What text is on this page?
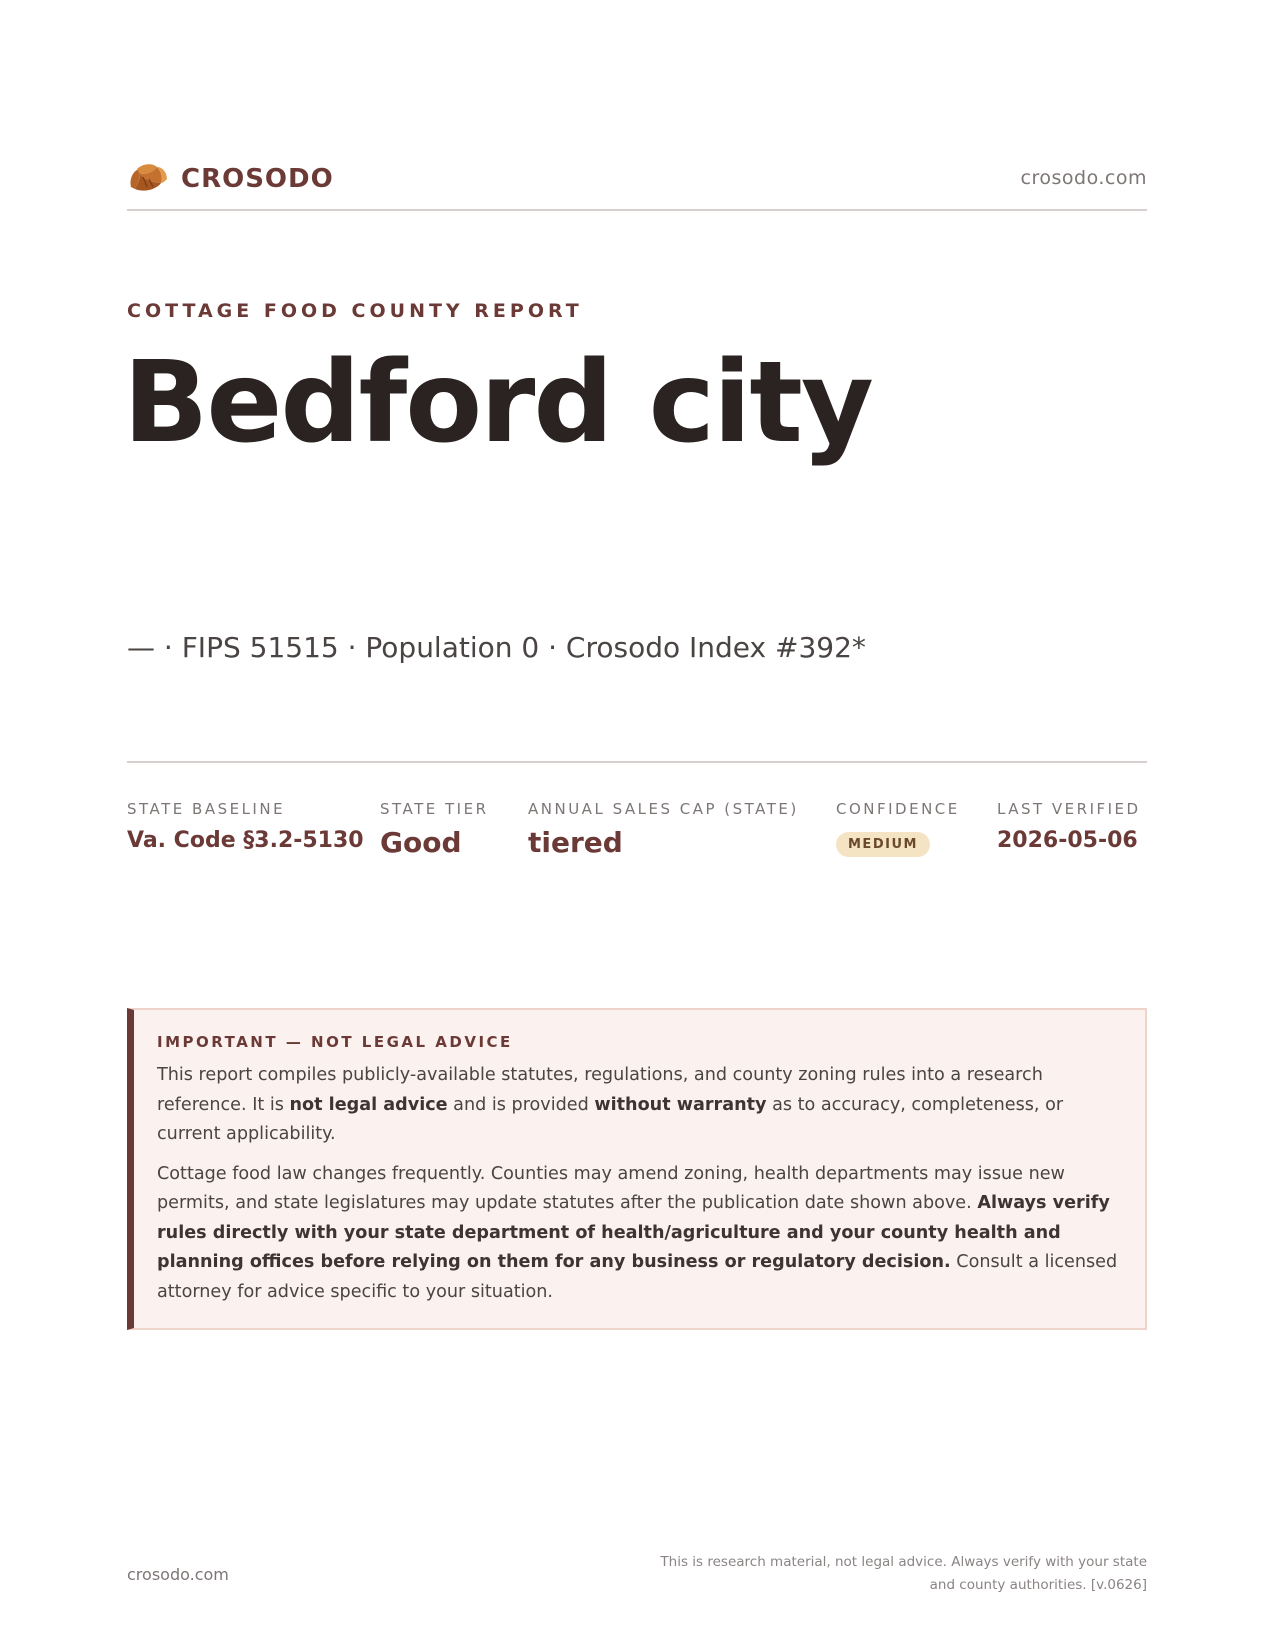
CROSODO	crosodo.com
COTTAGE FOOD COUNTY REPORT
Bedford city
— · FIPS 51515 · Population 0 · Crosodo Index #392*
STATE BASELINE
Va. Code §3.2-5130
STATE TIER
Good
ANNUAL SALES CAP (STATE)
tiered
CONFIDENCE
MEDIUM
LAST VERIFIED
2026-05-06
IMPORTANT — NOT LEGAL ADVICE

This report compiles publicly-available statutes, regulations, and county zoning rules into a research reference. It is not legal advice and is provided without warranty as to accuracy, completeness, or current applicability.

Cottage food law changes frequently. Counties may amend zoning, health departments may issue new permits, and state legislatures may update statutes after the publication date shown above. Always verify rules directly with your state department of health/agriculture and your county health and planning offices before relying on them for any business or regulatory decision. Consult a licensed attorney for advice specific to your situation.

crosodo.com
This is research material, not legal advice. Always verify with your state
and county authorities. [v.0626]
